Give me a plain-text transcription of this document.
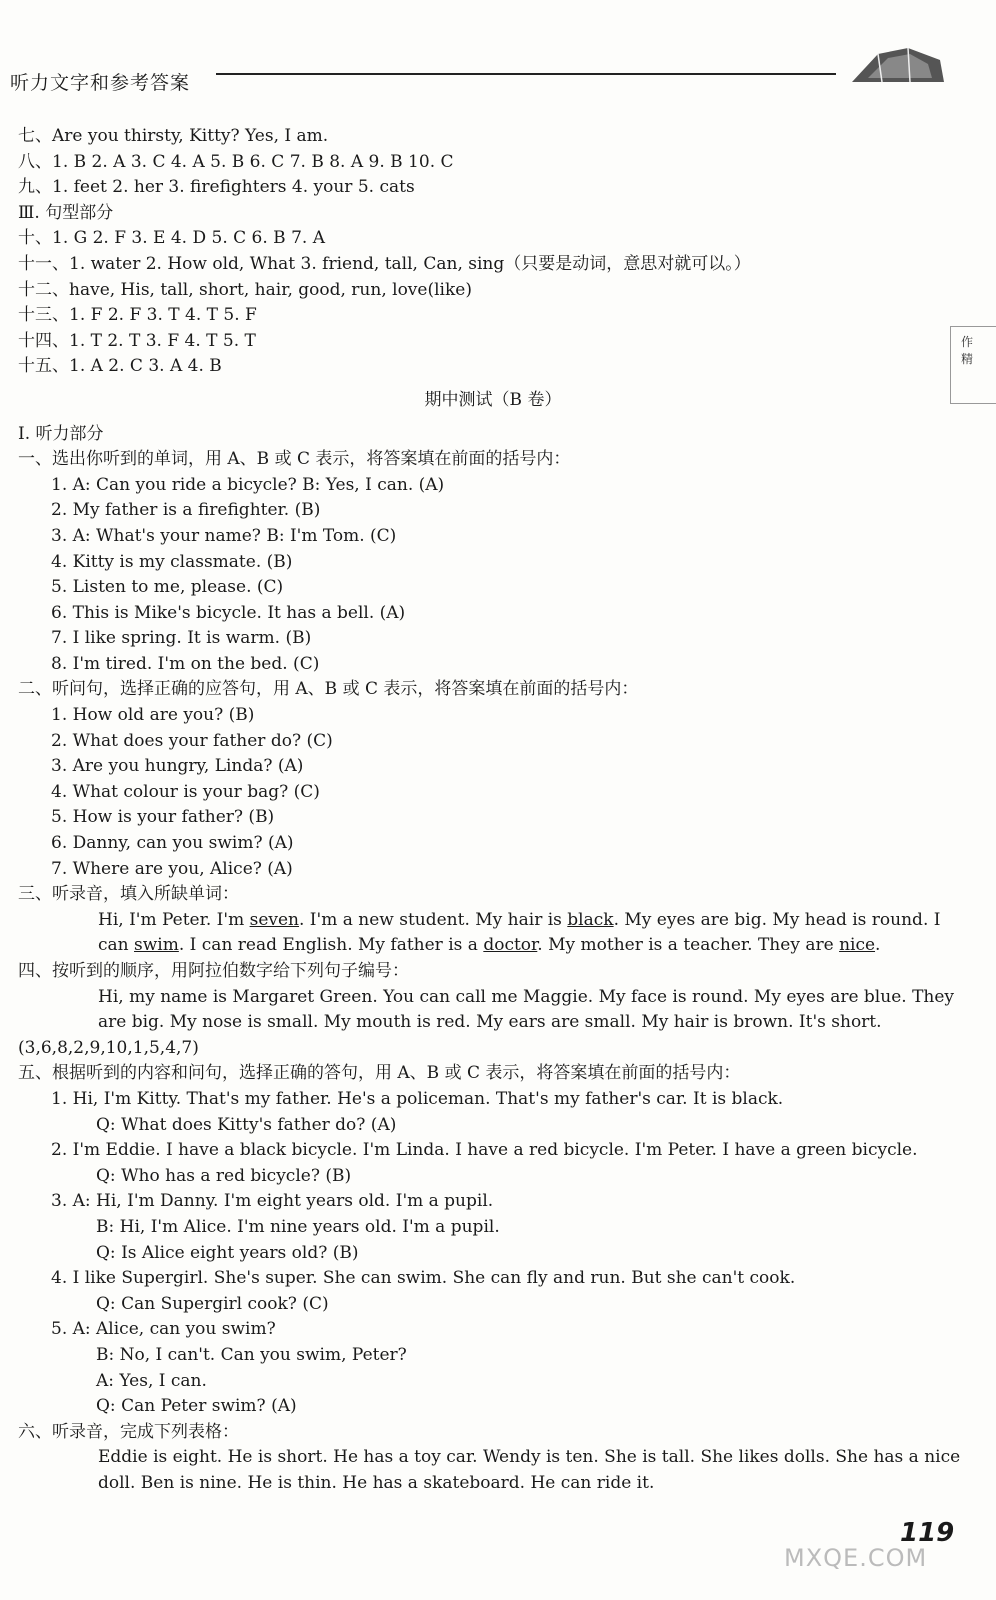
听力文字和参考答案
作
精
七、Are you thirsty, Kitty? Yes, I am.
八、1. B 2. A 3. C 4. A 5. B 6. C 7. B 8. A 9. B 10. C
九、1. feet 2. her 3. firefighters 4. your 5. cats
Ⅲ. 句型部分
十、1. G 2. F 3. E 4. D 5. C 6. B 7. A
十一、1. water 2. How old, What 3. friend, tall, Can, sing（只要是动词，意思对就可以。）
十二、have, His, tall, short, hair, good, run, love(like)
十三、1. F 2. F 3. T 4. T 5. F
十四、1. T 2. T 3. F 4. T 5. T
十五、1. A 2. C 3. A 4. B
期中测试（B 卷）
Ⅰ. 听力部分
一、选出你听到的单词，用 A、B 或 C 表示，将答案填在前面的括号内：
1. A: Can you ride a bicycle? B: Yes, I can. (A)
2. My father is a firefighter. (B)
3. A: What's your name? B: I'm Tom. (C)
4. Kitty is my classmate. (B)
5. Listen to me, please. (C)
6. This is Mike's bicycle. It has a bell. (A)
7. I like spring. It is warm. (B)
8. I'm tired. I'm on the bed. (C)
二、听问句，选择正确的应答句，用 A、B 或 C 表示，将答案填在前面的括号内：
1. How old are you? (B)
2. What does your father do? (C)
3. Are you hungry, Linda? (A)
4. What colour is your bag? (C)
5. How is your father? (B)
6. Danny, can you swim? (A)
7. Where are you, Alice? (A)
三、听录音，填入所缺单词：
Hi, I'm Peter. I'm seven. I'm a new student. My hair is black. My eyes are big. My head is round. I can swim. I can read English. My father is a doctor. My mother is a teacher. They are nice.
四、按听到的顺序，用阿拉伯数字给下列句子编号：
Hi, my name is Margaret Green. You can call me Maggie. My face is round. My eyes are blue. They are big. My nose is small. My mouth is red. My ears are small. My hair is brown. It's short.
(3,6,8,2,9,10,1,5,4,7)
五、根据听到的内容和问句，选择正确的答句，用 A、B 或 C 表示，将答案填在前面的括号内：
1. Hi, I'm Kitty. That's my father. He's a policeman. That's my father's car. It is black.
Q: What does Kitty's father do? (A)
2. I'm Eddie. I have a black bicycle. I'm Linda. I have a red bicycle. I'm Peter. I have a green bicycle.
Q: Who has a red bicycle? (B)
3. A: Hi, I'm Danny. I'm eight years old. I'm a pupil.
B: Hi, I'm Alice. I'm nine years old. I'm a pupil.
Q: Is Alice eight years old? (B)
4. I like Supergirl. She's super. She can swim. She can fly and run. But she can't cook.
Q: Can Supergirl cook? (C)
5. A: Alice, can you swim?
B: No, I can't. Can you swim, Peter?
A: Yes, I can.
Q: Can Peter swim? (A)
六、听录音，完成下列表格：
Eddie is eight. He is short. He has a toy car. Wendy is ten. She is tall. She likes dolls. She has a nice doll. Ben is nine. He is thin. He has a skateboard. He can ride it.
119
MXQE.COM
